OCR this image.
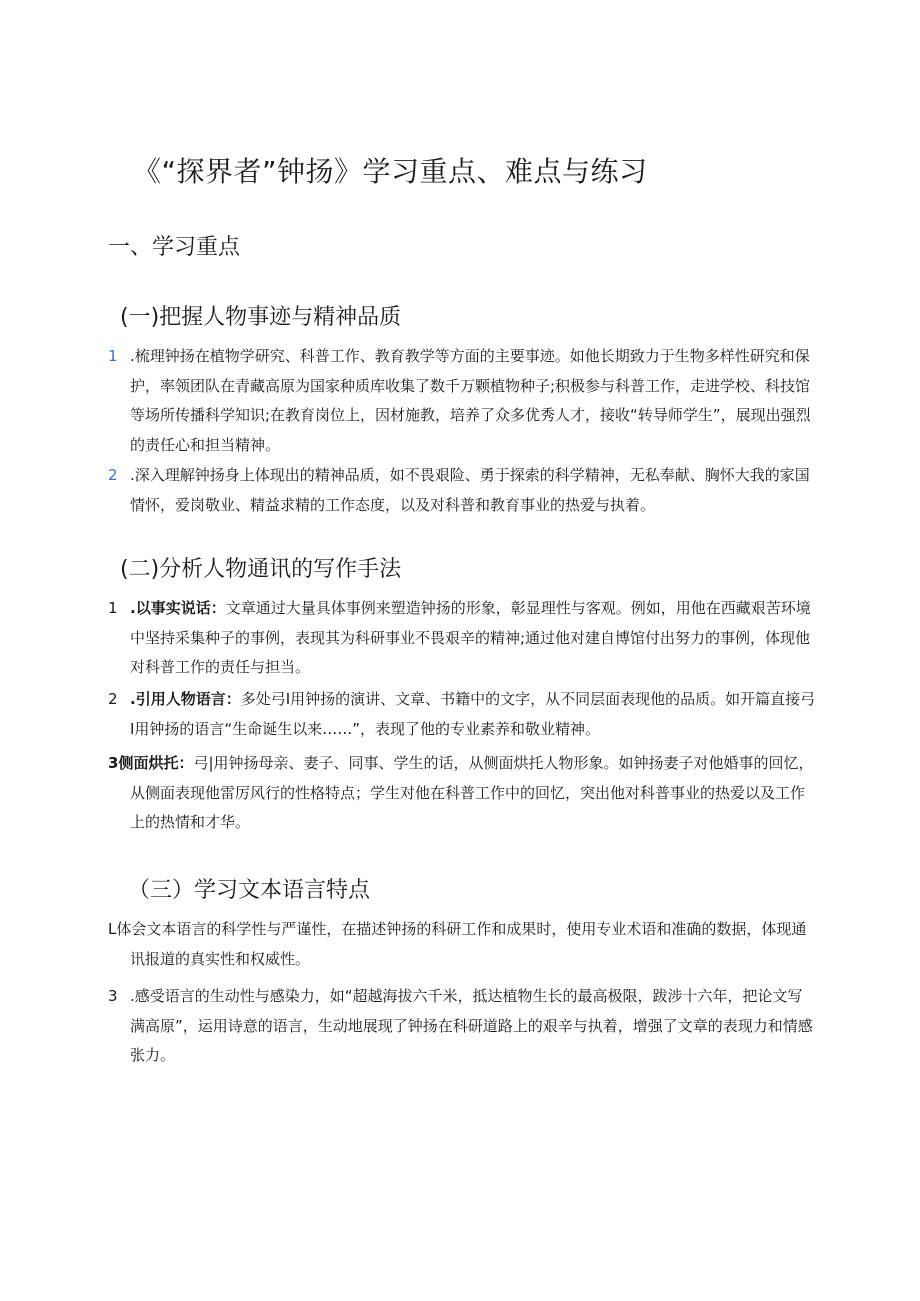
《“探界者”钟扬》学习重点、难点与练习
一、学习重点
(一)把握人物事迹与精神品质
1 .梳理钟扬在植物学研究、科普工作、教育教学等方面的主要事迹。如他长期致力于生物多样性研究和保护，率领团队在青藏高原为国家种质库收集了数千万颗植物种子;积极参与科普工作，走进学校、科技馆等场所传播科学知识;在教育岗位上，因材施教，培养了众多优秀人才，接收“转导师学生”，展现出强烈的责任心和担当精神。
2 .深入理解钟扬身上体现出的精神品质，如不畏艰险、勇于探索的科学精神，无私奉献、胸怀大我的家国情怀，爱岗敬业、精益求精的工作态度，以及对科普和教育事业的热爱与执着。
(二)分析人物通讯的写作手法
1 .以事实说话：文章通过大量具体事例来塑造钟扬的形象，彰显理性与客观。例如，用他在西藏艰苦环境中坚持采集种子的事例，表现其为科研事业不畏艰辛的精神;通过他对建自博馆付出努力的事例，体现他对科普工作的责任与担当。
2 .引用人物语言：多处弓I用钟扬的演讲、文章、书籍中的文字，从不同层面表现他的品质。如开篇直接弓I用钟扬的语言“生命诞生以来……”，表现了他的专业素养和敬业精神。
3侧面烘托：弓|用钟扬母亲、妻子、同事、学生的话，从侧面烘托人物形象。如钟扬妻子对他婚事的回忆，从侧面表现他雷厉风行的性格特点；学生对他在科普工作中的回忆，突出他对科普事业的热爱以及工作上的热情和才华。
（三）学习文本语言特点
L体会文本语言的科学性与严谨性，在描述钟扬的科研工作和成果时，使用专业术语和准确的数据，体现通讯报道的真实性和权威性。
3 .感受语言的生动性与感染力，如“超越海拔六千米，抵达植物生长的最高极限，跋涉十六年，把论文写满高原”，运用诗意的语言，生动地展现了钟扬在科研道路上的艰辛与执着，增强了文章的表现力和情感张力。
